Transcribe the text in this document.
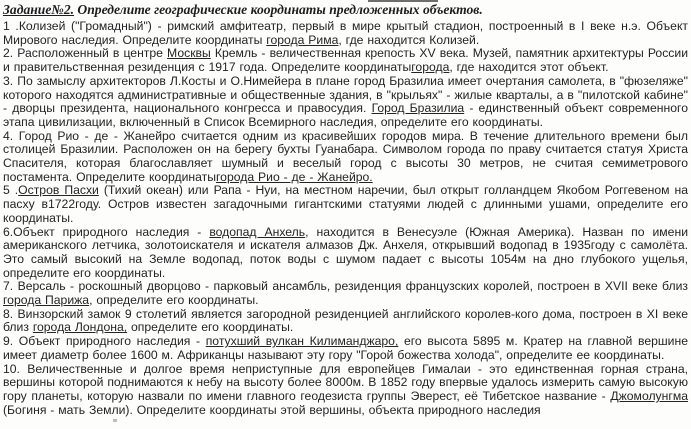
Задание№2. Определите географические координаты предложенных объектов.

1 .Колизей ("Громадный") - римский амфитеатр, первый в мире крытый стадион, построенный в I веке н.э. Объект Мирового наследия. Определите координаты города Рима, где находится Колизей.

2. Расположенный в центре Москвы Кремль - величественная крепость XV века. Музей, памятник архитектуры России и правительственная резиденция с 1917 года. Определите координатыгорода, где находится этот объект.

3. По замыслу архитекторов Л.Косты и О.Нимейера в плане город Бразилиа имеет очертания самолета, в "фюзеляже" которого находятся административные и общественные здания, в "крыльях" - жилые кварталы, а в "пилотской кабине" - дворцы президента, национального конгресса и правосудия. Город Бразилиа - единственный объект современного этапа цивилизации, включенный в Список Всемирного наследия, определите его координаты.

4. Город Рио - де - Жанейро считается одним из красивейших городов мира. В течение длительного времени был столицей Бразилии. Расположен он на берегу бухты Гуанабара. Символом города по праву считается статуя Христа Спасителя, которая благославляет шумный и веселый город с высоты 30 метров, не считая семиметрового постамента. Определите координатыгорода Рио - де - Жанейро.

5 .Остров Пасхи (Тихий океан) или Рапа - Нуи, на местном наречии, был открыт голландцем Якобом Роггевеном на пасху в1722году. Остров известен загадочными гигантскими статуями людей с длинными ушами, определите его координаты.

6.Объект природного наследия - водопад Анхель, находится в Венесуэле (Южная Америка). Назван по имени американского летчика, золотоискателя и искателя алмазов Дж. Анхеля, открывший водопад в 1935году с самолёта. Это самый высокий на Земле водопад, поток воды с шумом падает с высоты 1054м на дно глубокого ущелья, определите его координаты.

7. Версаль - роскошный дворцово - парковый ансамбль, резиденция французских королей, построен в XVII веке близ города Парижа, определите его координаты.

8. Винзорский замок 9 столетий является загородной резиденцией английского королев-кого дома, построен в XI веке близ города Лондона, определите его координаты.

9. Объект природного наследия - потухший вулкан Килиманджаро, его высота 5895 м. Кратер на главной вершине имеет диаметр более 1600 м. Африканцы называют эту гору "Горой божества холода", определите ее координаты.

10. Величественные и долгое время неприступные для европейцев Гималаи - это единственная горная страна, вершины которой поднимаются к небу на высоту более 8000м. В 1852 году впервые удалось измерить самую высокую гору планеты, которую назвали по имени главного геодезиста группы Эверест, её Тибетское название - Джомолунгма (Богиня - мать Земли). Определите координаты этой вершины, объекта природного наследия
